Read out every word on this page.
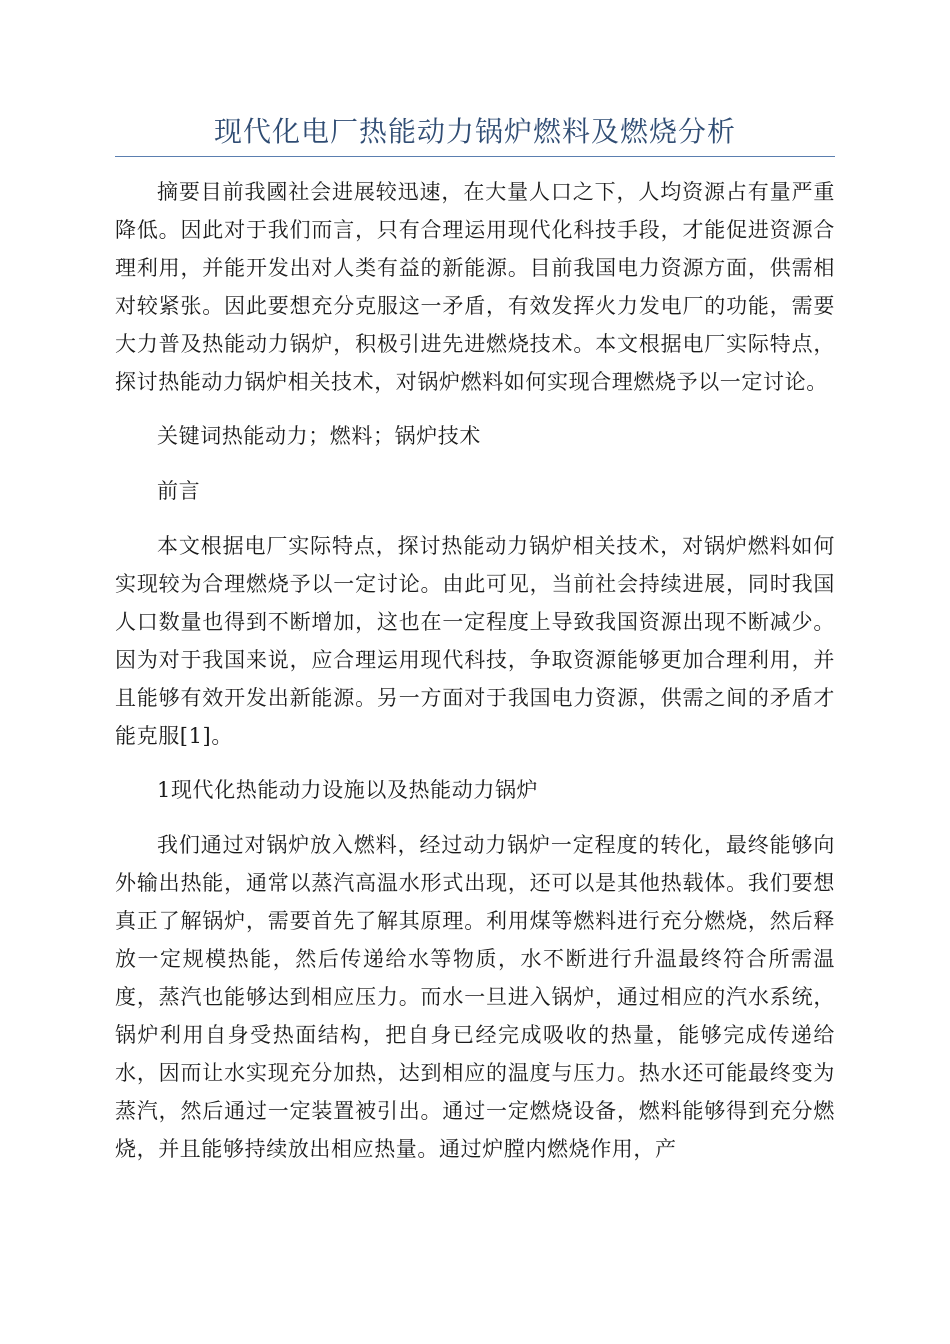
现代化电厂热能动力锅炉燃料及燃烧分析

摘要目前我國社会进展较迅速，在大量人口之下，人均资源占有量严重降低。因此对于我们而言，只有合理运用现代化科技手段，才能促进资源合理利用，并能开发出对人类有益的新能源。目前我国电力资源方面，供需相对较紧张。因此要想充分克服这一矛盾，有效发挥火力发电厂的功能，需要大力普及热能动力锅炉，积极引进先进燃烧技术。本文根据电厂实际特点，探讨热能动力锅炉相关技术，对锅炉燃料如何实现合理燃烧予以一定讨论。

关键词热能动力；燃料；锅炉技术

前言

本文根据电厂实际特点，探讨热能动力锅炉相关技术，对锅炉燃料如何实现较为合理燃烧予以一定讨论。由此可见，当前社会持续进展，同时我国人口数量也得到不断增加，这也在一定程度上导致我国资源出现不断减少。因为对于我国来说，应合理运用现代科技，争取资源能够更加合理利用，并且能够有效开发出新能源。另一方面对于我国电力资源，供需之间的矛盾才能克服[1]。

1现代化热能动力设施以及热能动力锅炉

我们通过对锅炉放入燃料，经过动力锅炉一定程度的转化，最终能够向外输出热能，通常以蒸汽高温水形式出现，还可以是其他热载体。我们要想真正了解锅炉，需要首先了解其原理。利用煤等燃料进行充分燃烧，然后释放一定规模热能，然后传递给水等物质，水不断进行升温最终符合所需温度，蒸汽也能够达到相应压力。而水一旦进入锅炉，通过相应的汽水系统，锅炉利用自身受热面结构，把自身已经完成吸收的热量，能够完成传递给水，因而让水实现充分加热，达到相应的温度与压力。热水还可能最终变为蒸汽，然后通过一定装置被引出。通过一定燃烧设备，燃料能够得到充分燃烧，并且能够持续放出相应热量。通过炉膛内燃烧作用，产
